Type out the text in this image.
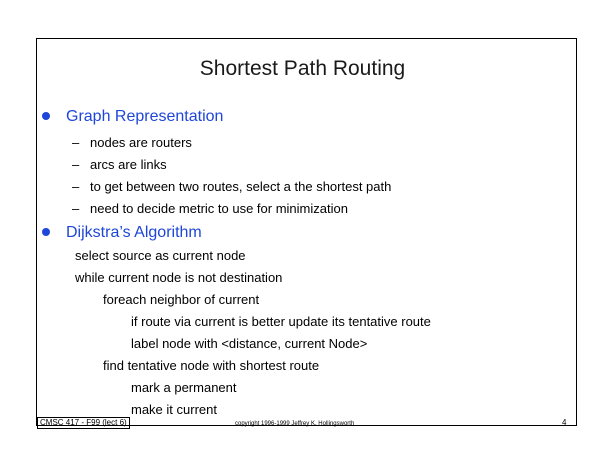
Shortest Path Routing
Graph Representation
– nodes are routers
– arcs are links
– to get between two routes, select a the shortest path
– need to decide metric to use for minimization
Dijkstra’s Algorithm
select source as current node
while current node is not destination
foreach neighbor of current
if route via current is better update its tentative route
label node with <distance, current Node>
find tentative node with shortest route
mark a permanent
make it current
CMSC 417 - F99 (lect 6)	copyright 1996-1999 Jeffrey K. Hollingsworth	4
